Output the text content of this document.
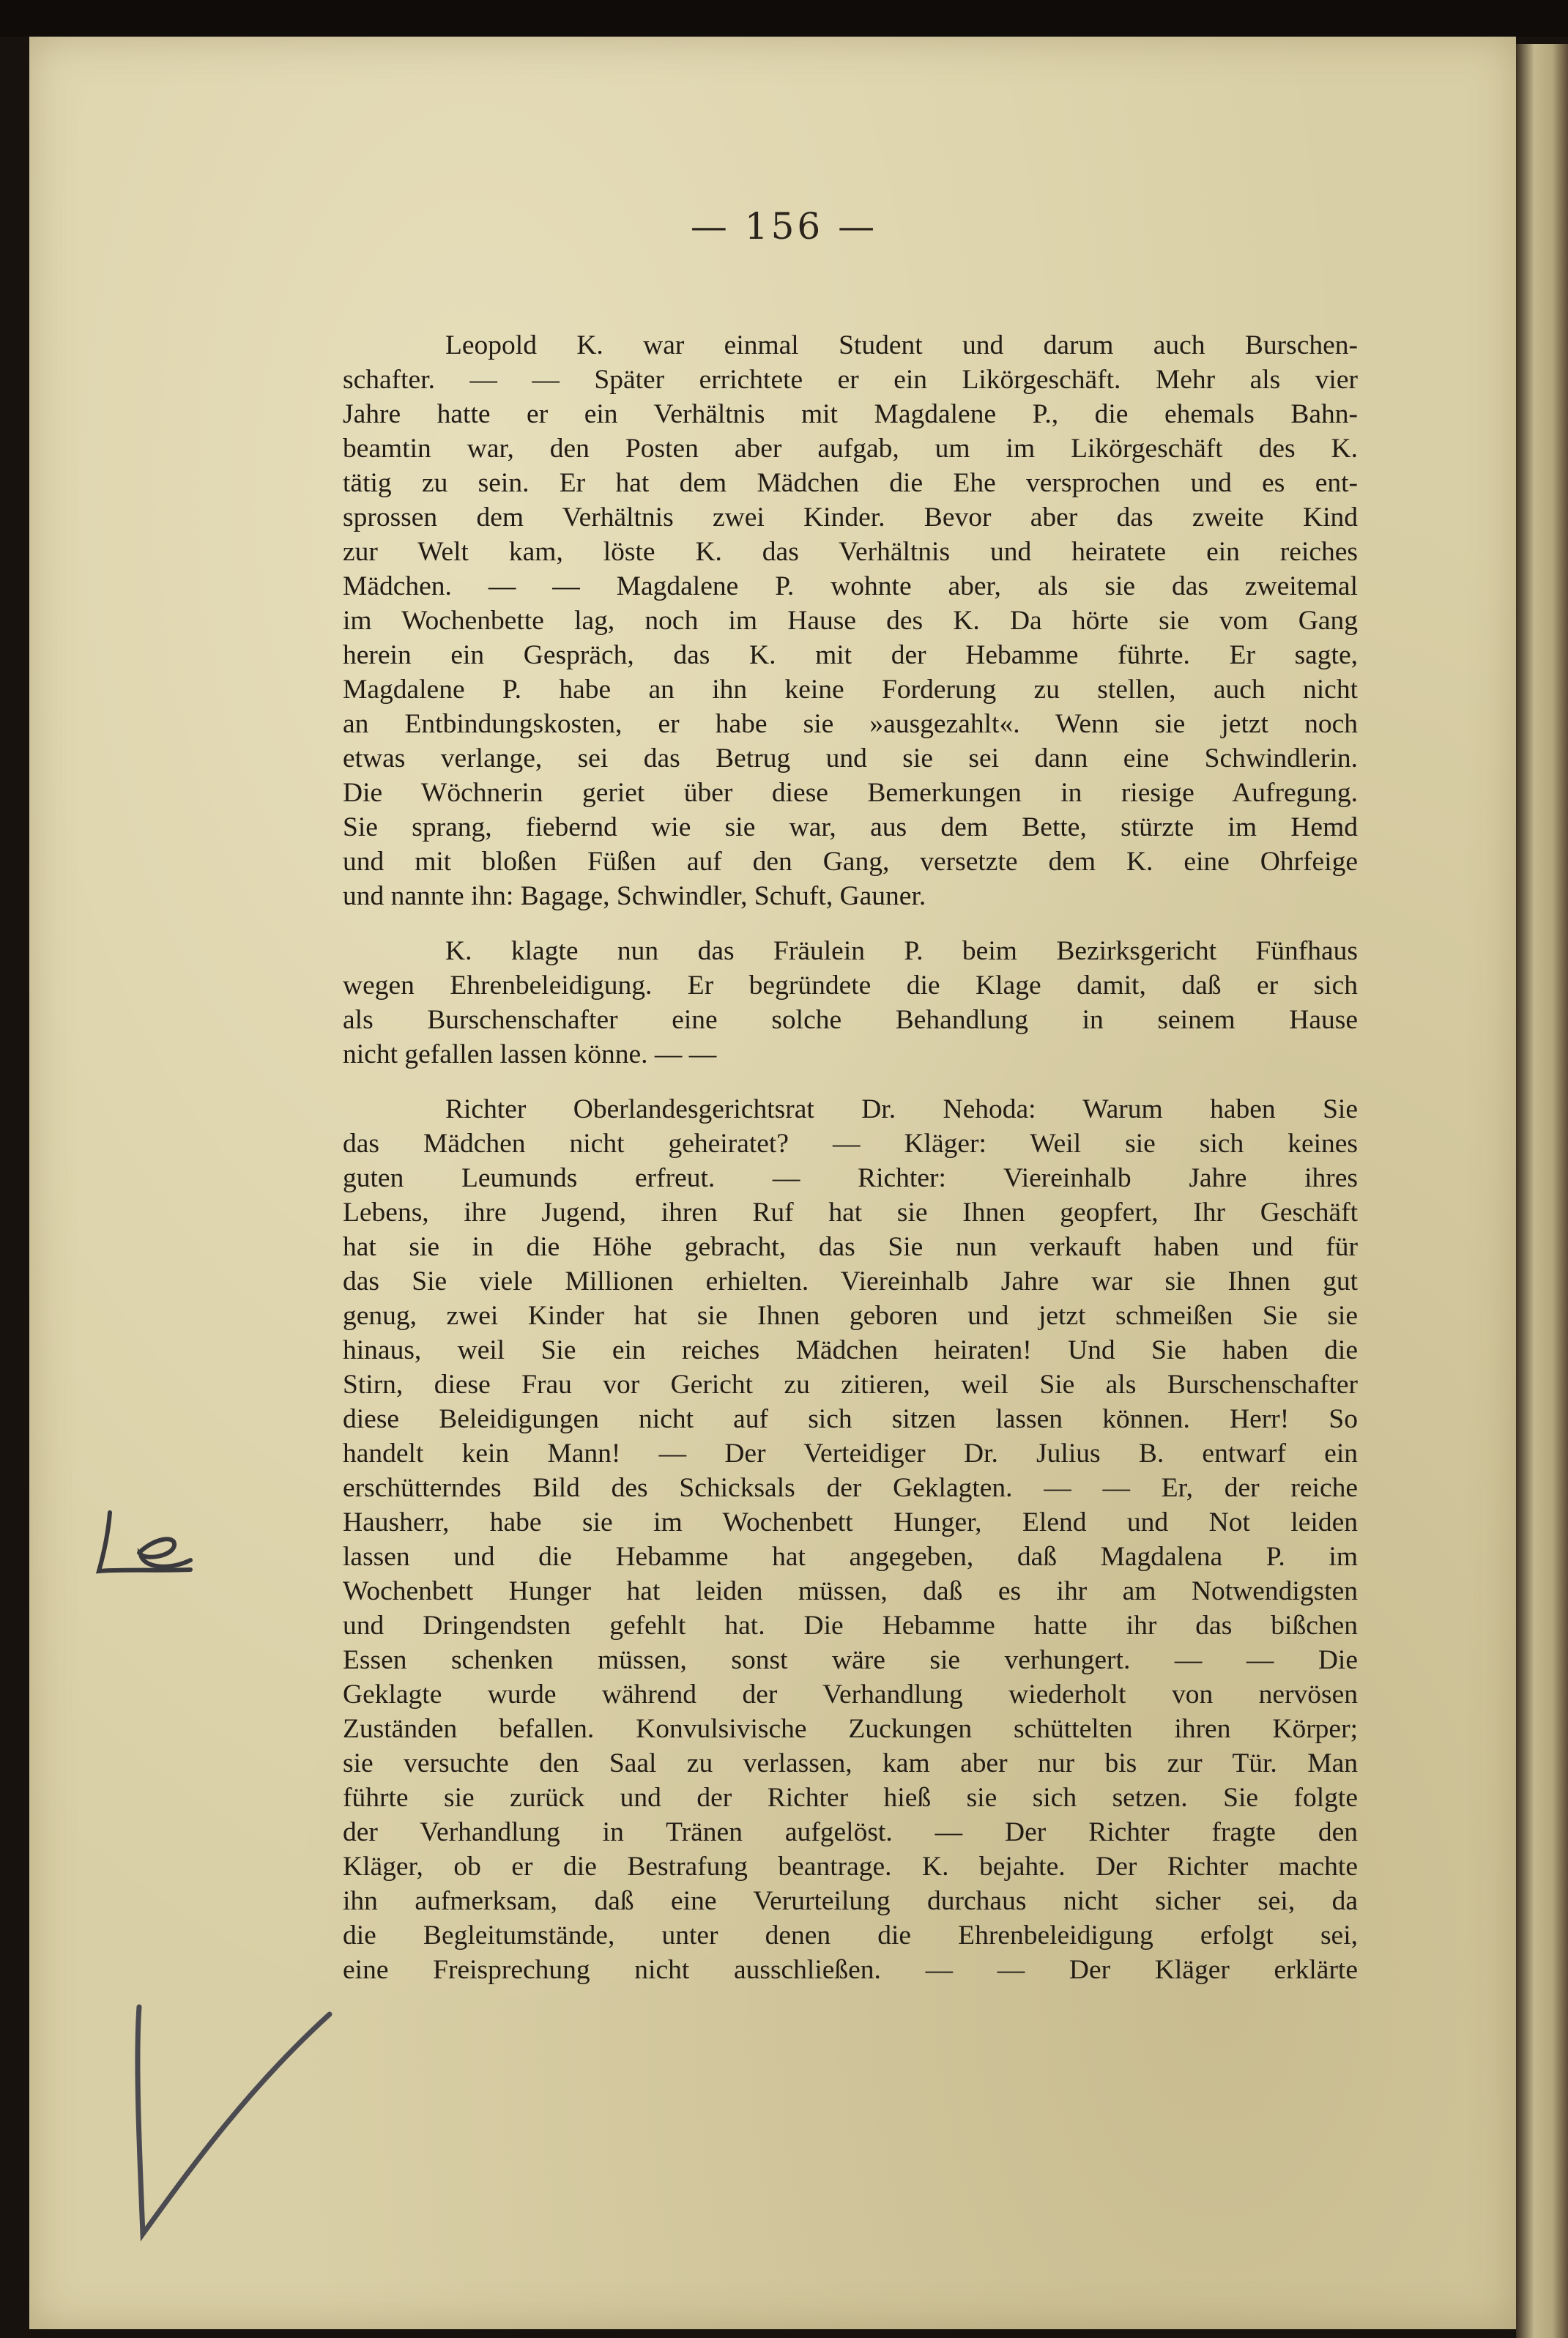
— 156 —
Leopold K. war einmal Student und darum auch Burschen-
schafter. — — Später errichtete er ein Likörgeschäft. Mehr als vier
Jahre hatte er ein Verhältnis mit Magdalene P., die ehemals Bahn-
beamtin war, den Posten aber aufgab, um im Likörgeschäft des K.
tätig zu sein. Er hat dem Mädchen die Ehe versprochen und es ent-
sprossen dem Verhältnis zwei Kinder. Bevor aber das zweite Kind
zur Welt kam, löste K. das Verhältnis und heiratete ein reiches
Mädchen. — — Magdalene P. wohnte aber, als sie das zweitemal
im Wochenbette lag, noch im Hause des K. Da hörte sie vom Gang
herein ein Gespräch, das K. mit der Hebamme führte. Er sagte,
Magdalene P. habe an ihn keine Forderung zu stellen, auch nicht
an Entbindungskosten, er habe sie »ausgezahlt«. Wenn sie jetzt noch
etwas verlange, sei das Betrug und sie sei dann eine Schwindlerin.
Die Wöchnerin geriet über diese Bemerkungen in riesige Aufregung.
Sie sprang, fiebernd wie sie war, aus dem Bette, stürzte im Hemd
und mit bloßen Füßen auf den Gang, versetzte dem K. eine Ohrfeige
und nannte ihn: Bagage, Schwindler, Schuft, Gauner.
K. klagte nun das Fräulein P. beim Bezirksgericht Fünfhaus
wegen Ehrenbeleidigung. Er begründete die Klage damit, daß er sich
als Burschenschafter eine solche Behandlung in seinem Hause
nicht gefallen lassen könne. — —
Richter Oberlandesgerichtsrat Dr. Nehoda: Warum haben Sie
das Mädchen nicht geheiratet? — Kläger: Weil sie sich keines
guten Leumunds erfreut. — Richter: Viereinhalb Jahre ihres
Lebens, ihre Jugend, ihren Ruf hat sie Ihnen geopfert, Ihr Geschäft
hat sie in die Höhe gebracht, das Sie nun verkauft haben und für
das Sie viele Millionen erhielten. Viereinhalb Jahre war sie Ihnen gut
genug, zwei Kinder hat sie Ihnen geboren und jetzt schmeißen Sie sie
hinaus, weil Sie ein reiches Mädchen heiraten! Und Sie haben die
Stirn, diese Frau vor Gericht zu zitieren, weil Sie als Burschenschafter
diese Beleidigungen nicht auf sich sitzen lassen können. Herr! So
handelt kein Mann! — Der Verteidiger Dr. Julius B. entwarf ein
erschütterndes Bild des Schicksals der Geklagten. — — Er, der reiche
Hausherr, habe sie im Wochenbett Hunger, Elend und Not leiden
lassen und die Hebamme hat angegeben, daß Magdalena P. im
Wochenbett Hunger hat leiden müssen, daß es ihr am Notwendigsten
und Dringendsten gefehlt hat. Die Hebamme hatte ihr das bißchen
Essen schenken müssen, sonst wäre sie verhungert. — — Die
Geklagte wurde während der Verhandlung wiederholt von nervösen
Zuständen befallen. Konvulsivische Zuckungen schüttelten ihren Körper;
sie versuchte den Saal zu verlassen, kam aber nur bis zur Tür. Man
führte sie zurück und der Richter hieß sie sich setzen. Sie folgte
der Verhandlung in Tränen aufgelöst. — Der Richter fragte den
Kläger, ob er die Bestrafung beantrage. K. bejahte. Der Richter machte
ihn aufmerksam, daß eine Verurteilung durchaus nicht sicher sei, da
die Begleitumstände, unter denen die Ehrenbeleidigung erfolgt sei,
eine Freisprechung nicht ausschließen. — — Der Kläger erklärte
